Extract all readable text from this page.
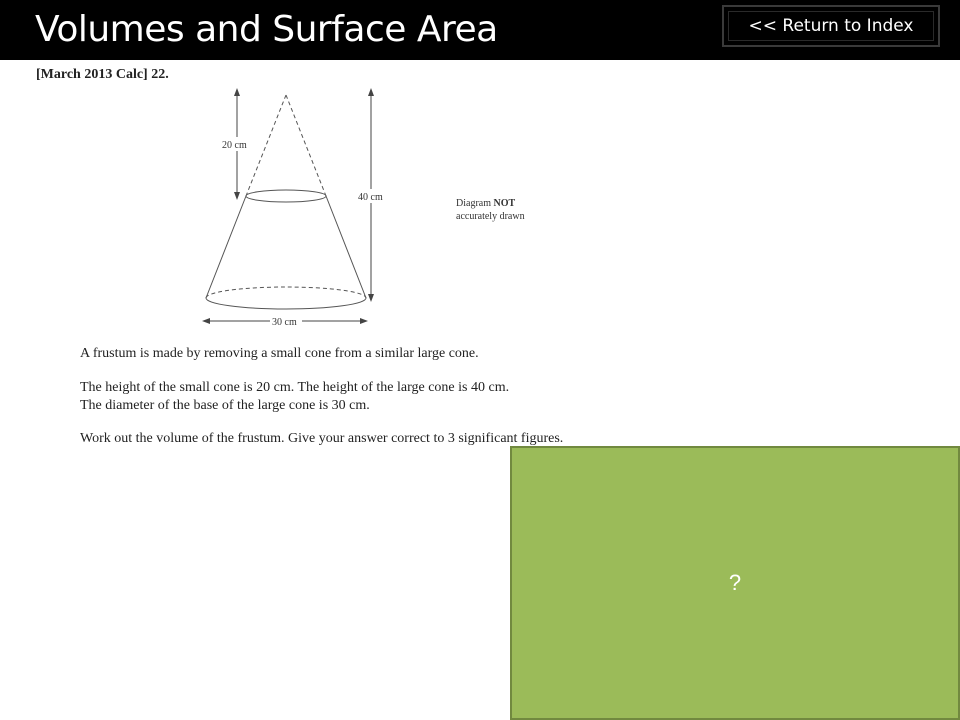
Volumes and Surface Area	<< Return to Index
[March 2013 Calc] 22.
20 cm
40 cm
30 cm
Diagram NOT
accurately drawn
A frustum is made by removing a small cone from a similar large cone.
The height of the small cone is 20 cm. The height of the large cone is 40 cm.
The diameter of the base of the large cone is 30 cm.
Work out the volume of the frustum. Give your answer correct to 3 significant figures.
?
